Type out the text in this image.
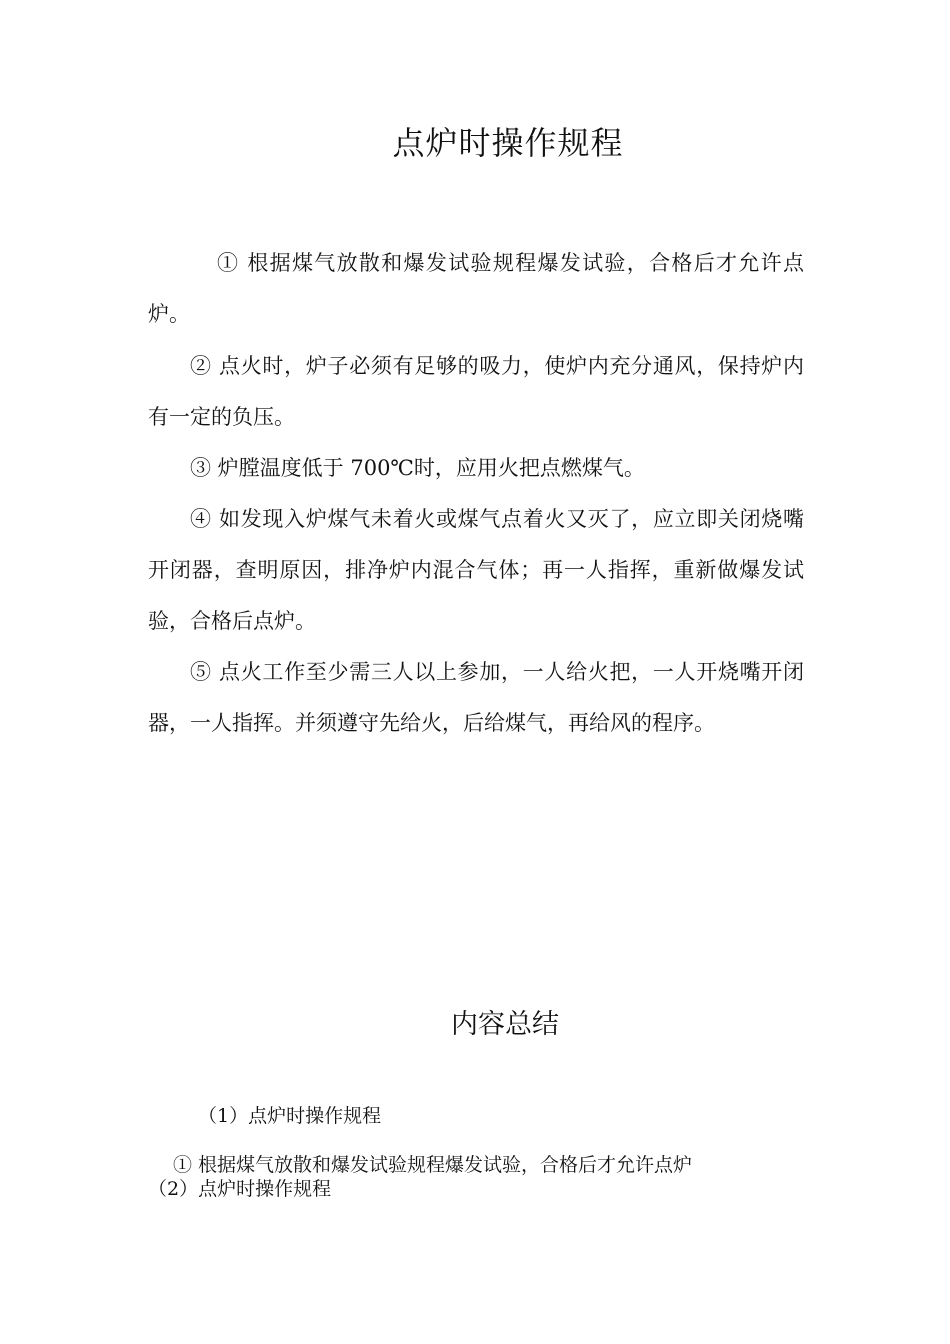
点炉时操作规程

① 根据煤气放散和爆发试验规程爆发试验，合格后才允许点炉。

② 点火时，炉子必须有足够的吸力，使炉内充分通风，保持炉内有一定的负压。

③ 炉膛温度低于 700℃时，应用火把点燃煤气。

④ 如发现入炉煤气未着火或煤气点着火又灭了，应立即关闭烧嘴开闭器，查明原因，排净炉内混合气体；再一人指挥，重新做爆发试验，合格后点炉。

⑤ 点火工作至少需三人以上参加，一人给火把，一人开烧嘴开闭器，一人指挥。并须遵守先给火，后给煤气，再给风的程序。

内容总结

（1）点炉时操作规程

① 根据煤气放散和爆发试验规程爆发试验，合格后才允许点炉

（2）点炉时操作规程
